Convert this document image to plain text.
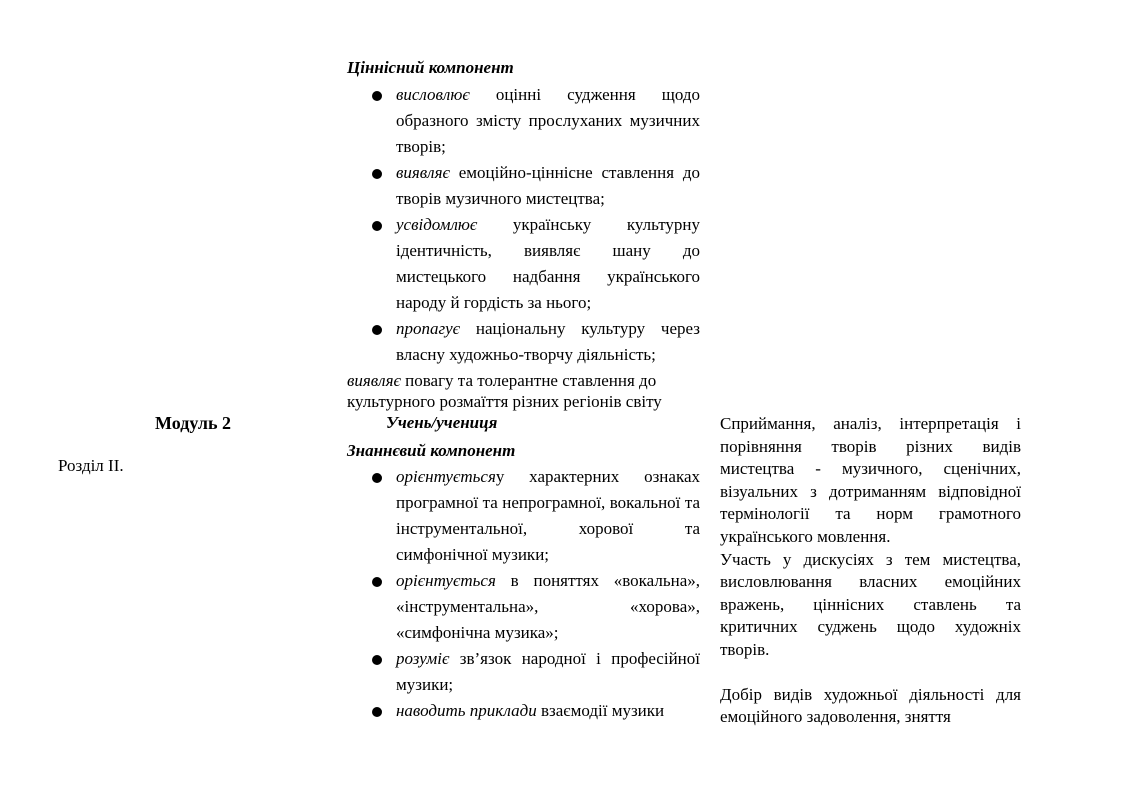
Модуль 2
Розділ ІІ.
Ціннісний компонент
висловлює оцінні судження щодо образного змісту прослуханих музичних творів;
виявляє емоційно-ціннісне ставлення до творів музичного мистецтва;
усвідомлює українську культурну ідентичність, виявляє шану до мистецького надбання українського народу й гордість за нього;
пропагує національну культуру через власну художньо-творчу діяльність;
виявляє повагу та толерантне ставлення до
культурного розмаїття різних регіонів світу
Учень/учениця
Знаннєвий компонент
орієнтуєтьсяу характерних ознаках програмної та непрограмної, вокальної та інструментальної, хорової та симфонічної музики;
орієнтується в поняттях «вокальна», «інструментальна», «хорова», «симфонічна музика»;
розуміє зв’язок народної і професійної музики;
наводить приклади взаємодії музики

Сприймання, аналіз, інтерпретація і порівняння творів різних видів мистецтва - музичного, сценічних, візуальних з дотриманням відповідної термінології та норм грамотного українського мовлення.

Участь у дискусіях з тем мистецтва, висловлювання власних емоційних вражень, ціннісних ставлень та критичних суджень щодо художніх творів.

Добір видів художньої діяльності для емоційного задоволення, зняття
